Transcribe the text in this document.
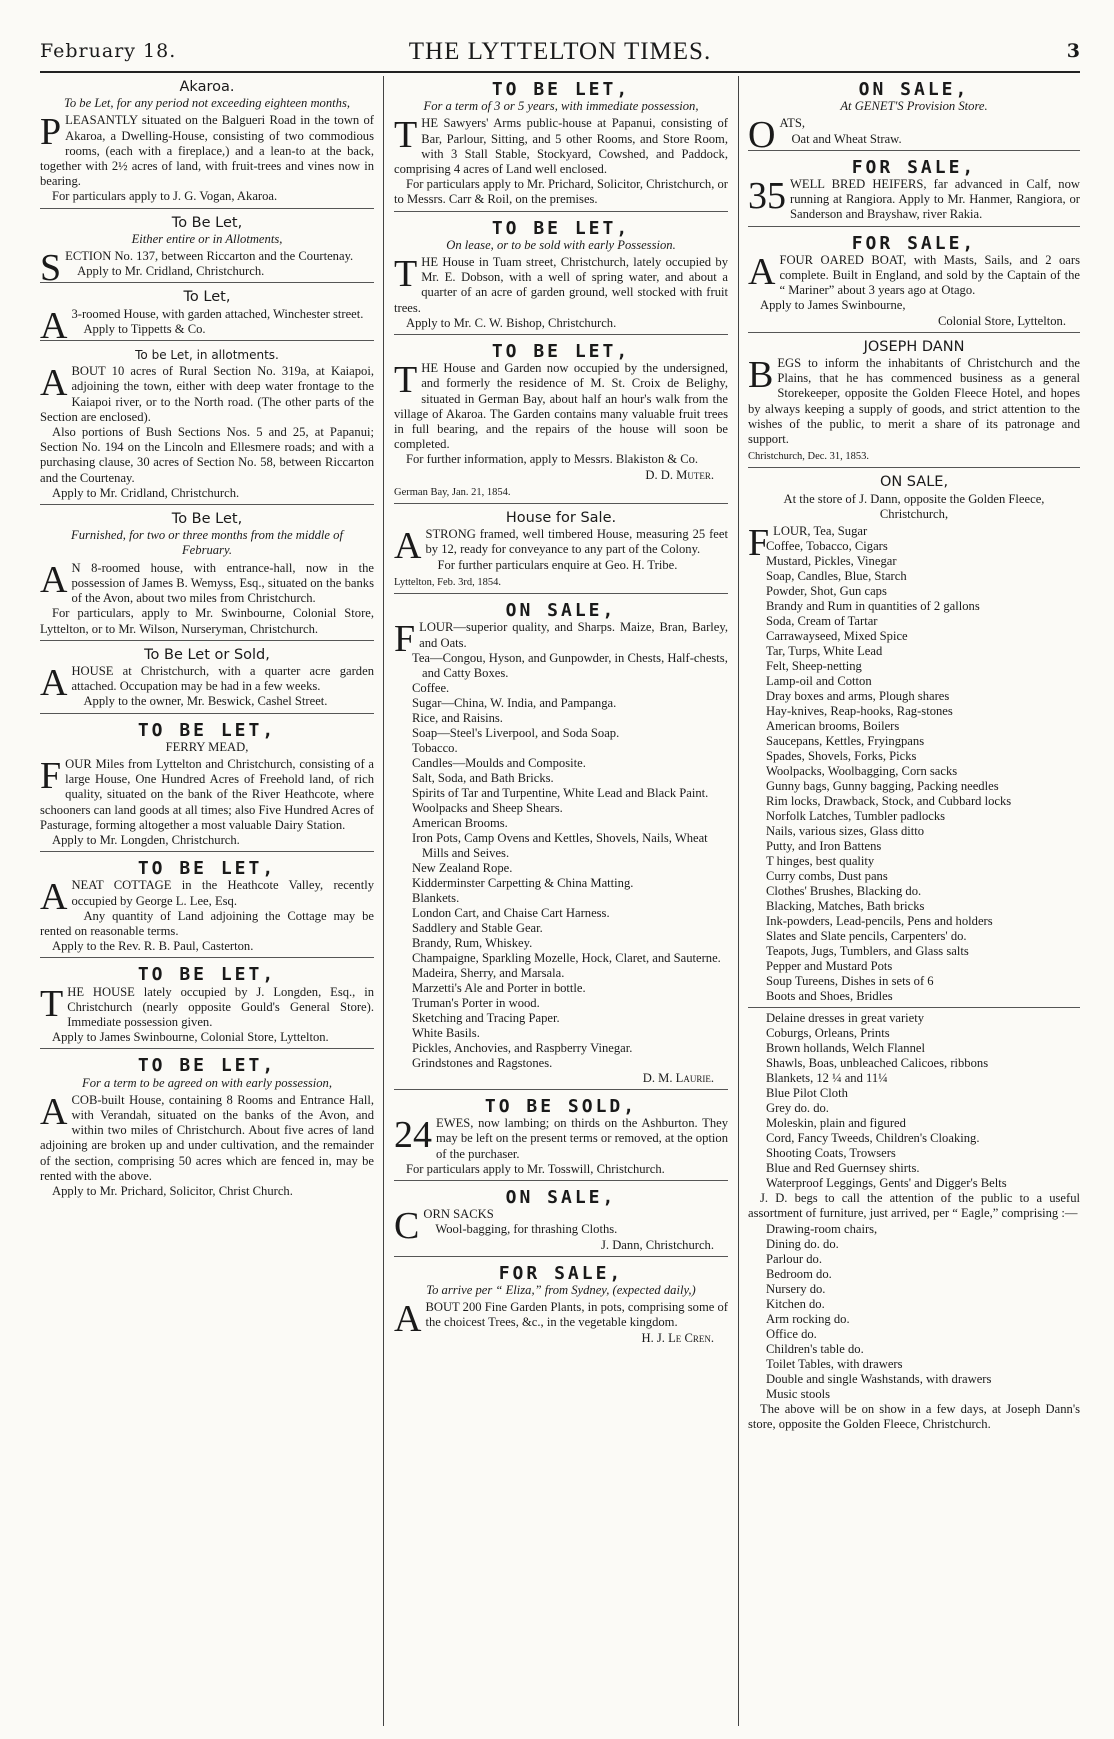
February 18.	THE LYTTELTON TIMES.	3
Akaroa.
To be Let, for any period not exceeding eighteen months,

PLEASANTLY situated on the Balgueri Road in the town of Akaroa, a Dwelling-House, consisting of two commodious rooms, (each with a fireplace,) and a lean-to at the back, together with 2½ acres of land, with fruit-trees and vines now in bearing.

For particulars apply to J. G. Vogan, Akaroa.

To Be Let,
Either entire or in Allotments,

SECTION No. 137, between Riccarton and the Courtenay.

Apply to Mr. Cridland, Christchurch.

To Let,

A 3-roomed House, with garden attached, Winchester street.

Apply to Tippetts & Co.

To be Let, in allotments.

ABOUT 10 acres of Rural Section No. 319a, at Kaiapoi, adjoining the town, either with deep water frontage to the Kaiapoi river, or to the North road. (The other parts of the Section are enclosed).

Also portions of Bush Sections Nos. 5 and 25, at Papanui; Section No. 194 on the Lincoln and Ellesmere roads; and with a purchasing clause, 30 acres of Section No. 58, between Riccarton and the Courtenay.

Apply to Mr. Cridland, Christchurch.

To Be Let,
Furnished, for two or three months from the middle of February.

A N 8-roomed house, with entrance-hall, now in the possession of James B. Wemyss, Esq., situated on the banks of the Avon, about two miles from Christchurch.

For particulars, apply to Mr. Swinbourne, Colonial Store, Lyttelton, or to Mr. Wilson, Nurseryman, Christchurch.

To Be Let or Sold,

AHOUSE at Christchurch, with a quarter acre garden attached. Occupation may be had in a few weeks.

Apply to the owner, Mr. Beswick, Cashel Street.

TO BE LET,
FERRY MEAD,

FOUR Miles from Lyttelton and Christchurch, consisting of a large House, One Hundred Acres of Freehold land, of rich quality, situated on the bank of the River Heathcote, where schooners can land goods at all times; also Five Hundred Acres of Pasturage, forming altogether a most valuable Dairy Station.

Apply to Mr. Longden, Christchurch.

TO BE LET,

ANEAT COTTAGE in the Heathcote Valley, recently occupied by George L. Lee, Esq.

Any quantity of Land adjoining the Cottage may be rented on reasonable terms.

Apply to the Rev. R. B. Paul, Casterton.

TO BE LET,

THE HOUSE lately occupied by J. Longden, Esq., in Christchurch (nearly opposite Gould's General Store). Immediate possession given.

Apply to James Swinbourne, Colonial Store, Lyttelton.

TO BE LET,
For a term to be agreed on with early possession,

ACOB-built House, containing 8 Rooms and Entrance Hall, with Verandah, situated on the banks of the Avon, and within two miles of Christchurch. About five acres of land adjoining are broken up and under cultivation, and the remainder of the section, comprising 50 acres which are fenced in, may be rented with the above.

Apply to Mr. Prichard, Solicitor, Christ Church.

TO BE LET,
For a term of 3 or 5 years, with immediate possession,

THE Sawyers' Arms public-house at Papanui, consisting of Bar, Parlour, Sitting, and 5 other Rooms, and Store Room, with 3 Stall Stable, Stockyard, Cowshed, and Paddock, comprising 4 acres of Land well enclosed.

For particulars apply to Mr. Prichard, Solicitor, Christchurch, or to Messrs. Carr & Roil, on the premises.

TO BE LET,
On lease, or to be sold with early Possession.

THE House in Tuam street, Christchurch, lately occupied by Mr. E. Dobson, with a well of spring water, and about a quarter of an acre of garden ground, well stocked with fruit trees.

Apply to Mr. C. W. Bishop, Christchurch.

TO BE LET,

THE House and Garden now occupied by the undersigned, and formerly the residence of M. St. Croix de Belighy, situated in German Bay, about half an hour's walk from the village of Akaroa. The Garden contains many valuable fruit trees in full bearing, and the repairs of the house will soon be completed.

For further information, apply to Messrs. Blakiston & Co.

D. D. Muter.
German Bay, Jan. 21, 1854.
House for Sale.

ASTRONG framed, well timbered House, measuring 25 feet by 12, ready for conveyance to any part of the Colony.

For further particulars enquire at Geo. H. Tribe.

Lyttelton, Feb. 3rd, 1854.
ON SALE,

FLOUR—superior quality, and Sharps. Maize, Bran, Barley, and Oats.

Tea—Congou, Hyson, and Gunpowder, in Chests, Half-chests, and Catty Boxes.
Coffee.
Sugar—China, W. India, and Pampanga.
Rice, and Raisins.
Soap—Steel's Liverpool, and Soda Soap.
Tobacco.
Candles—Moulds and Composite.
Salt, Soda, and Bath Bricks.
Spirits of Tar and Turpentine, White Lead and Black Paint.
Woolpacks and Sheep Shears.
American Brooms.
Iron Pots, Camp Ovens and Kettles, Shovels, Nails, Wheat Mills and Seives.
New Zealand Rope.
Kidderminster Carpetting & China Matting.
Blankets.
London Cart, and Chaise Cart Harness.
Saddlery and Stable Gear.
Brandy, Rum, Whiskey.
Champaigne, Sparkling Mozelle, Hock, Claret, and Sauterne.
Madeira, Sherry, and Marsala.
Marzetti's Ale and Porter in bottle.
Truman's Porter in wood.
Sketching and Tracing Paper.
White Basils.
Pickles, Anchovies, and Raspberry Vinegar.
Grindstones and Ragstones.
D. M. Laurie.
TO BE SOLD,

24 EWES, now lambing; on thirds on the Ashburton. They may be left on the present terms or removed, at the option of the purchaser.

For particulars apply to Mr. Tosswill, Christchurch.

ON SALE,

CORN SACKS

Wool-bagging, for thrashing Cloths.

J. Dann, Christchurch.
FOR SALE,
To arrive per “ Eliza,” from Sydney, (expected daily,)

ABOUT 200 Fine Garden Plants, in pots, comprising some of the choicest Trees, &c., in the vegetable kingdom.

H. J. Le Cren.
ON SALE,
At GENET'S Provision Store.

OATS,

Oat and Wheat Straw.

FOR SALE,

35 WELL BRED HEIFERS, far advanced in Calf, now running at Rangiora. Apply to Mr. Hanmer, Rangiora, or Sanderson and Brayshaw, river Rakia.

FOR SALE,

AFOUR OARED BOAT, with Masts, Sails, and 2 oars complete. Built in England, and sold by the Captain of the “ Mariner” about 3 years ago at Otago.

Apply to James Swinbourne,

Colonial Store, Lyttelton.
JOSEPH DANN

BEGS to inform the inhabitants of Christchurch and the Plains, that he has commenced business as a general Storekeeper, opposite the Golden Fleece Hotel, and hopes by always keeping a supply of goods, and strict attention to the wishes of the public, to merit a share of its patronage and support.

Christchurch, Dec. 31, 1853.
ON SALE,
At the store of J. Dann, opposite the Golden Fleece, Christchurch,

FLOUR, Tea, Sugar

Coffee, Tobacco, Cigars
Mustard, Pickles, Vinegar
Soap, Candles, Blue, Starch
Powder, Shot, Gun caps
Brandy and Rum in quantities of 2 gallons
Soda, Cream of Tartar
Carrawayseed, Mixed Spice
Tar, Turps, White Lead
Felt, Sheep-netting
Lamp-oil and Cotton
Dray boxes and arms, Plough shares
Hay-knives, Reap-hooks, Rag-stones
American brooms, Boilers
Saucepans, Kettles, Fryingpans
Spades, Shovels, Forks, Picks
Woolpacks, Woolbagging, Corn sacks
Gunny bags, Gunny bagging, Packing needles
Rim locks, Drawback, Stock, and Cubbard locks
Norfolk Latches, Tumbler padlocks
Nails, various sizes, Glass ditto
Putty, and Iron Battens
T hinges, best quality
Curry combs, Dust pans
Clothes' Brushes, Blacking do.
Blacking, Matches, Bath bricks
Ink-powders, Lead-pencils, Pens and holders
Slates and Slate pencils, Carpenters' do.
Teapots, Jugs, Tumblers, and Glass salts
Pepper and Mustard Pots
Soup Tureens, Dishes in sets of 6
Boots and Shoes, Bridles
Delaine dresses in great variety
Coburgs, Orleans, Prints
Brown hollands, Welch Flannel
Shawls, Boas, unbleached Calicoes, ribbons
Blankets, 12 ¼ and 11¼
Blue Pilot Cloth
Grey do. do.
Moleskin, plain and figured
Cord, Fancy Tweeds, Children's Cloaking.
Shooting Coats, Trowsers
Blue and Red Guernsey shirts.
Waterproof Leggings, Gents' and Digger's Belts

J. D. begs to call the attention of the public to a useful assortment of furniture, just arrived, per “ Eagle,” comprising :—

Drawing-room chairs,
Dining do. do.
Parlour do.
Bedroom do.
Nursery do.
Kitchen do.
Arm rocking do.
Office do.
Children's table do.
Toilet Tables, with drawers
Double and single Washstands, with drawers
Music stools

The above will be on show in a few days, at Joseph Dann's store, opposite the Golden Fleece, Christchurch.
